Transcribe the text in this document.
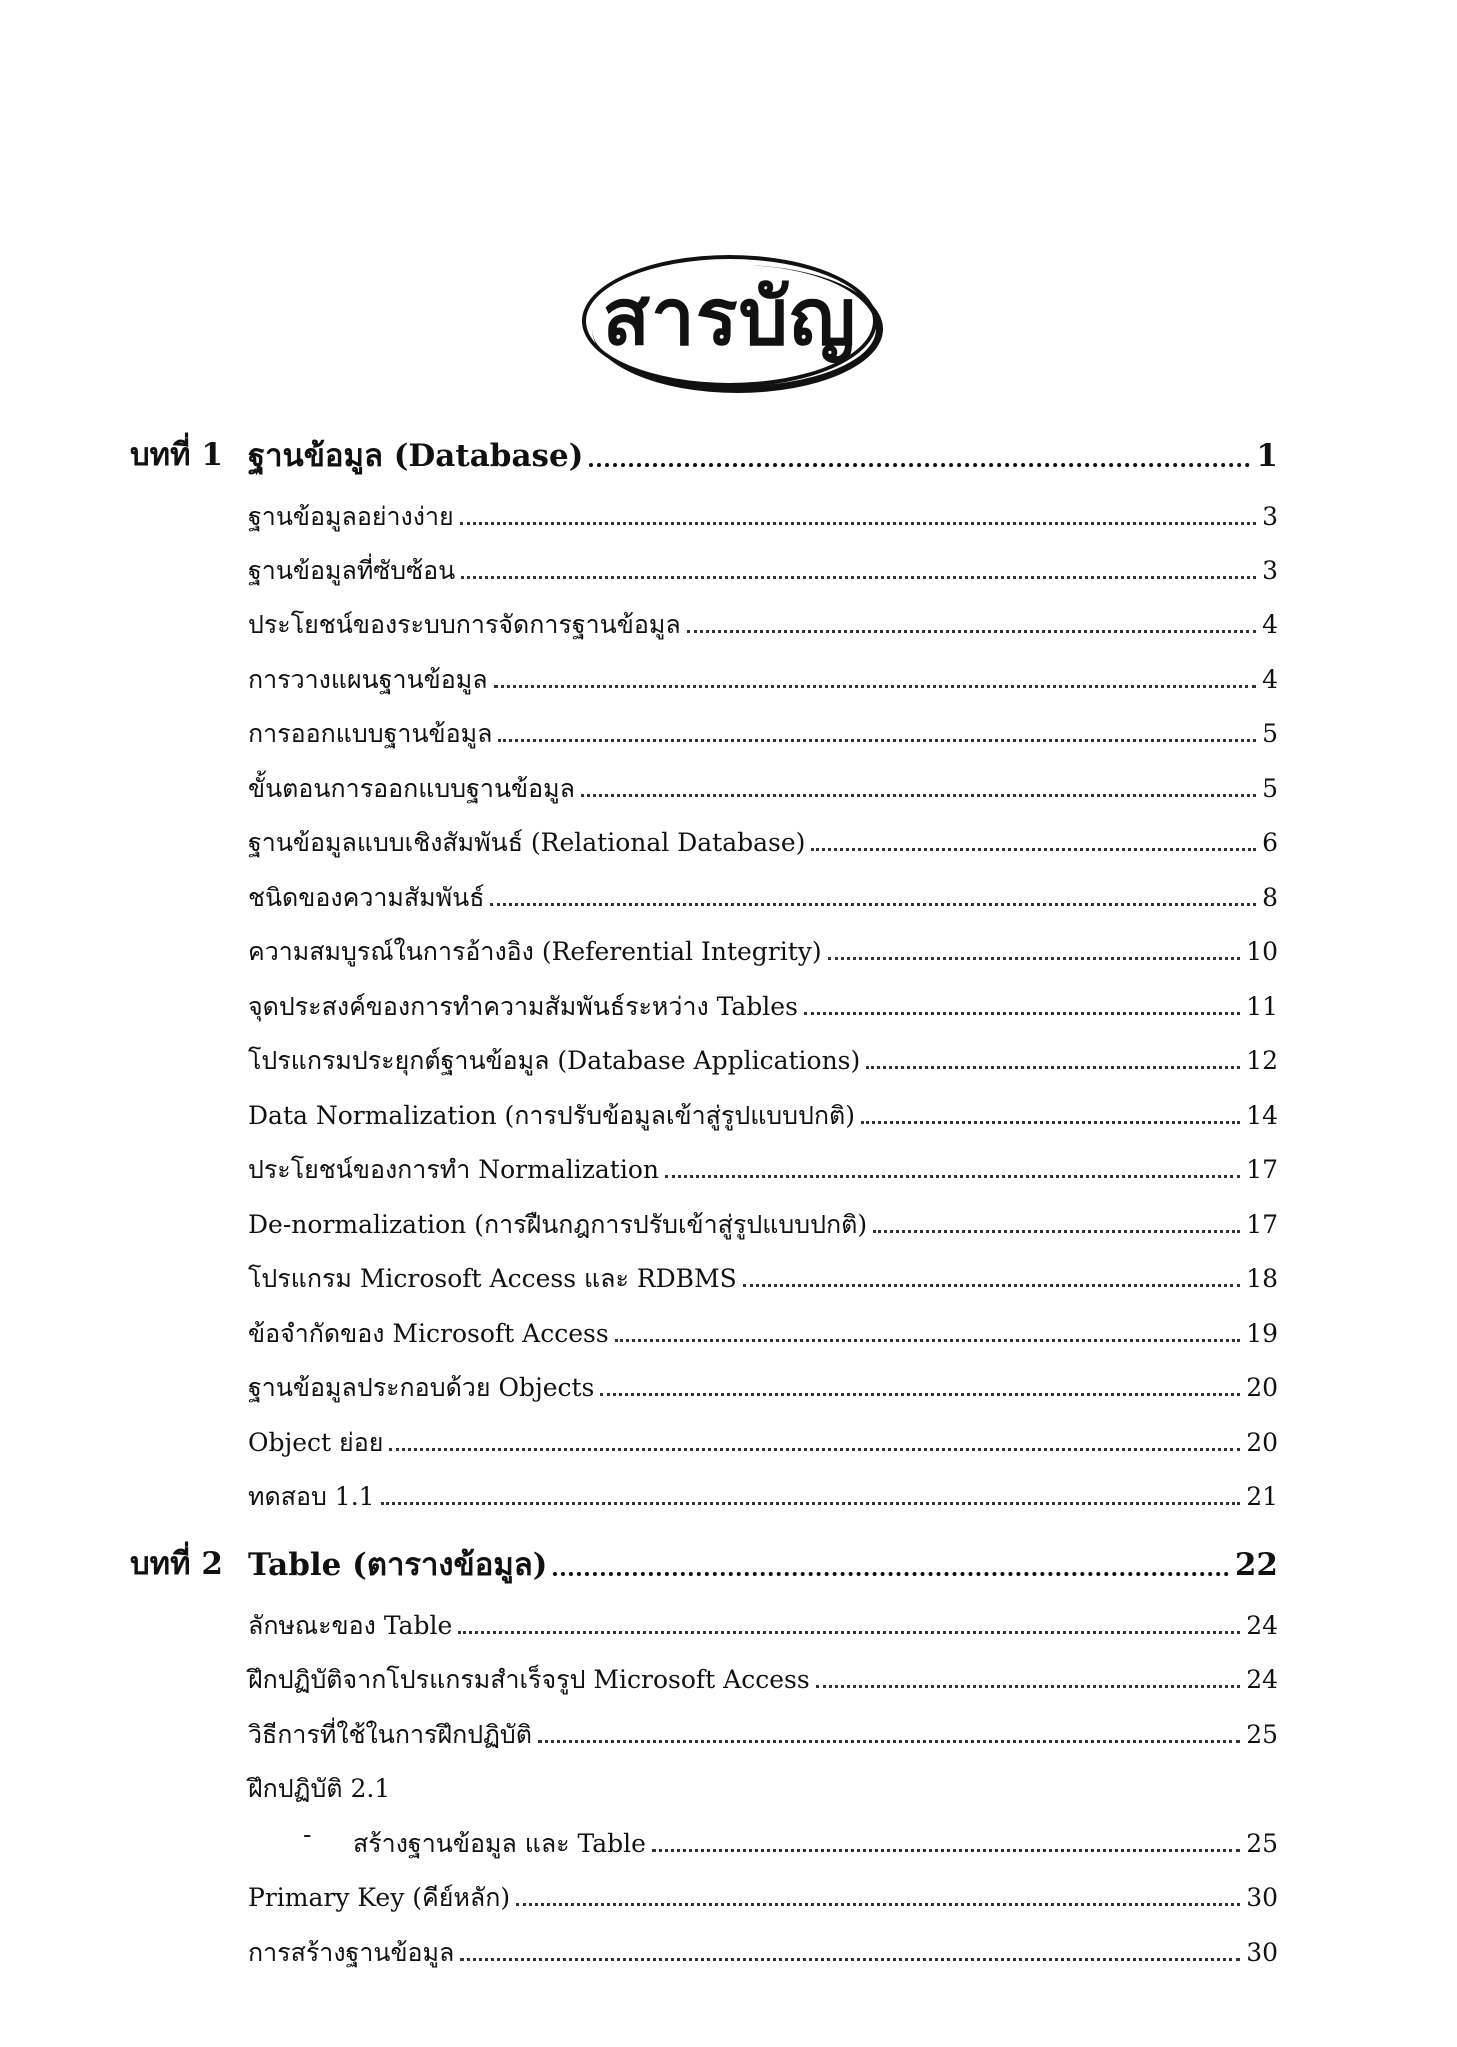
สารบัญ
บทที่ 1 ฐานข้อมูล (Database)	1
ฐานข้อมูลอย่างง่าย	3
ฐานข้อมูลที่ซับซ้อน	3
ประโยชน์ของระบบการจัดการฐานข้อมูล	4
การวางแผนฐานข้อมูล	4
การออกแบบฐานข้อมูล	5
ขั้นตอนการออกแบบฐานข้อมูล	5
ฐานข้อมูลแบบเชิงสัมพันธ์ (Relational Database)	6
ชนิดของความสัมพันธ์	8
ความสมบูรณ์ในการอ้างอิง (Referential Integrity)	10
จุดประสงค์ของการทำความสัมพันธ์ระหว่าง Tables	11
โปรแกรมประยุกต์ฐานข้อมูล (Database Applications)	12
Data Normalization (การปรับข้อมูลเข้าสู่รูปแบบปกติ)	14
ประโยชน์ของการทำ Normalization	17
De-normalization (การฝืนกฎการปรับเข้าสู่รูปแบบปกติ)	17
โปรแกรม Microsoft Access และ RDBMS	18
ข้อจำกัดของ Microsoft Access	19
ฐานข้อมูลประกอบด้วย Objects	20
Object ย่อย	20
ทดสอบ 1.1	21
บทที่ 2 Table (ตารางข้อมูล)	22
ลักษณะของ Table	24
ฝึกปฏิบัติจากโปรแกรมสำเร็จรูป Microsoft Access	24
วิธีการที่ใช้ในการฝึกปฏิบัติ	25
ฝึกปฏิบัติ 2.1
- สร้างฐานข้อมูล และ Table	25
Primary Key (คีย์หลัก)	30
การสร้างฐานข้อมูล	30
